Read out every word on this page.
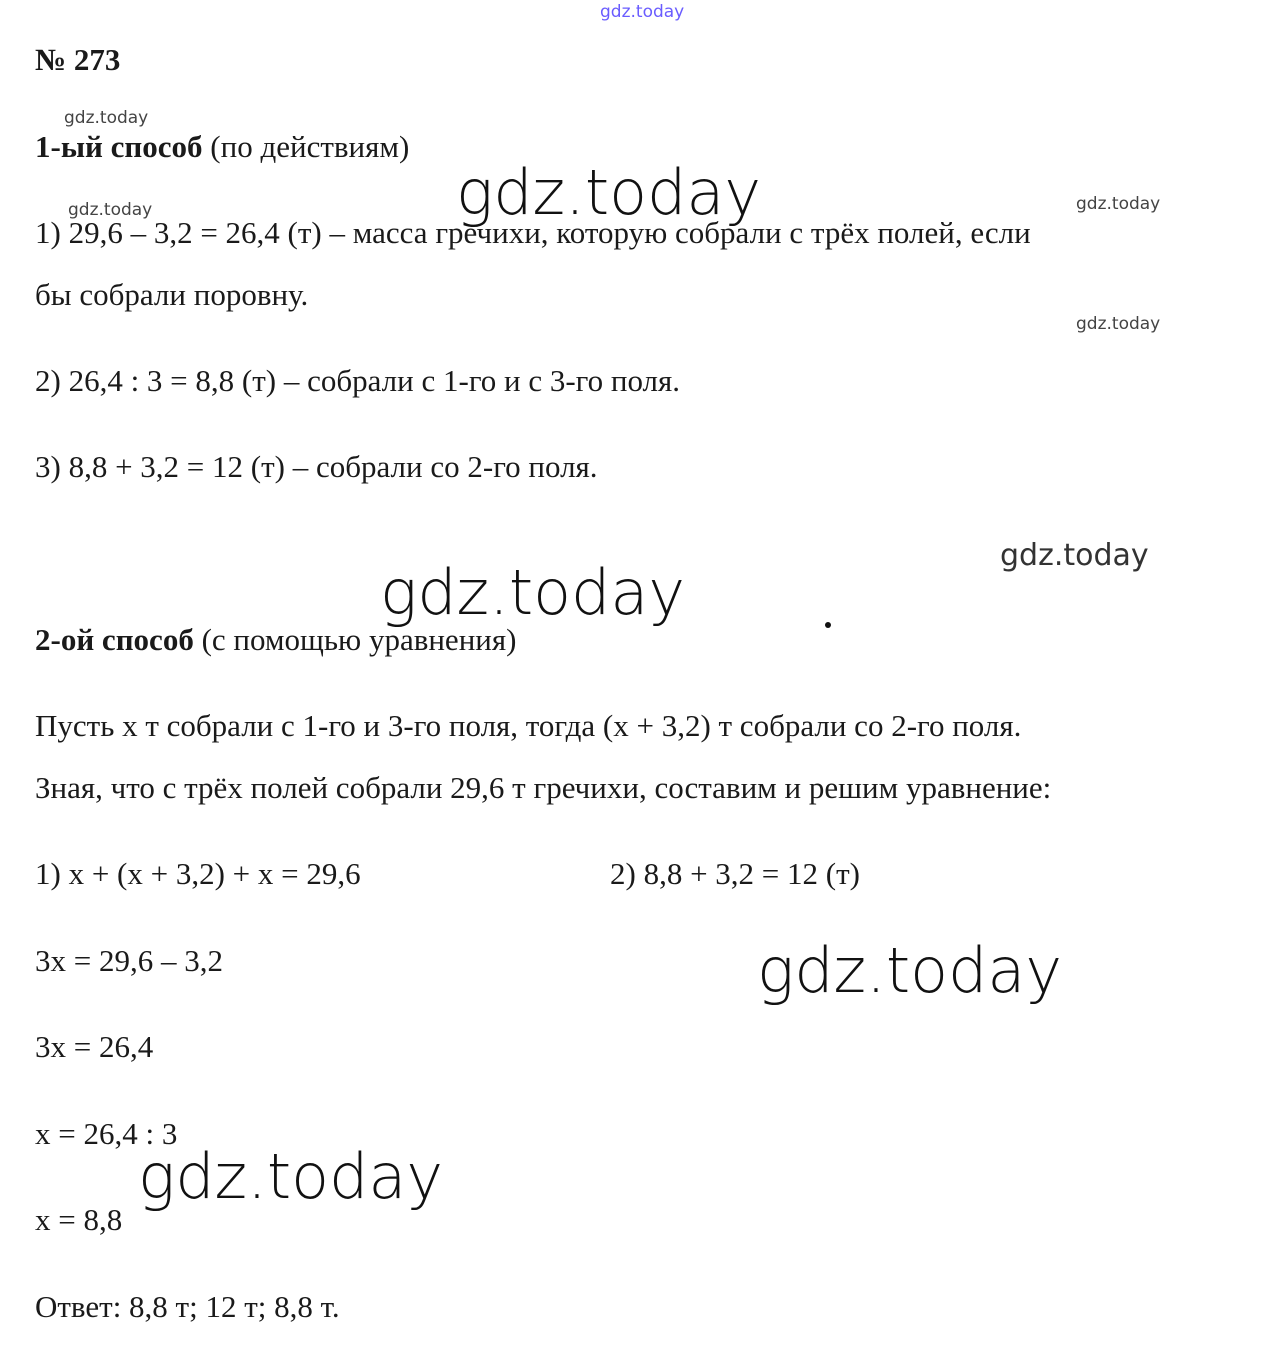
№ 273
1-ый способ (по действиям)
1) 29,6 – 3,2 = 26,4 (т) – масса гречихи, которую собрали с трёх полей, если
бы собрали поровну.
2) 26,4 : 3 = 8,8 (т) – собрали с 1-го и с 3-го поля.
3) 8,8 + 3,2 = 12 (т) – собрали со 2-го поля.
2-ой способ (с помощью уравнения)
Пусть х т собрали с 1-го и 3-го поля, тогда (х + 3,2) т собрали со 2-го поля.
Зная, что с трёх полей собрали 29,6 т гречихи, составим и решим уравнение:
1) х + (х + 3,2) + х = 29,6	2) 8,8 + 3,2 = 12 (т)
3х = 29,6 – 3,2
3х = 26,4
х = 26,4 : 3
х = 8,8
Ответ: 8,8 т; 12 т; 8,8 т.
gdz.today
gdz.today
gdz.today	gdz.today
gdz.today
gdz.today
gdz.today
gdz.today
gdz.today
gdz.today
